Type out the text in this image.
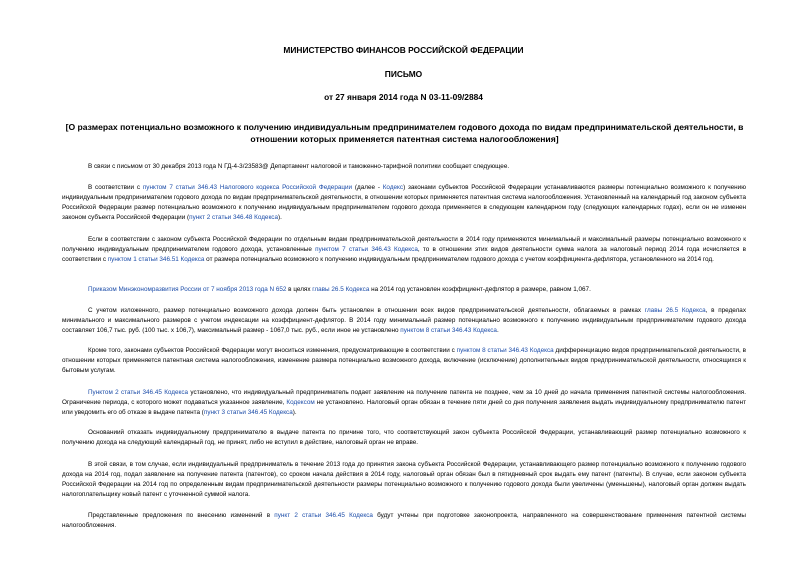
МИНИСТЕРСТВО ФИНАНСОВ РОССИЙСКОЙ ФЕДЕРАЦИИ
ПИСЬМО
от 27 января 2014 года N 03-11-09/2884
[О размерах потенциально возможного к получению индивидуальным предпринимателем годового дохода по видам предпринимательской деятельности, в отношении которых применяется патентная система налогообложения]
В связи с письмом от 30 декабря 2013 года N ГД-4-3/23583@ Департамент налоговой и таможенно-тарифной политики сообщает следующее.
В соответствии с пунктом 7 статьи 346.43 Налогового кодекса Российской Федерации (далее - Кодекс) законами субъектов Российской Федерации устанавливаются размеры потенциально возможного к получению индивидуальным предпринимателем годового дохода по видам предпринимательской деятельности, в отношении которых применяется патентная система налогообложения. Установленный на календарный год законом субъекта Российской Федерации размер потенциально возможного к получению индивидуальным предпринимателем годового дохода применяется в следующем календарном году (следующих календарных годах), если он не изменен законом субъекта Российской Федерации (пункт 2 статьи 346.48 Кодекса).
Если в соответствии с законом субъекта Российской Федерации по отдельным видам предпринимательской деятельности в 2014 году применяются минимальный и максимальный размеры потенциально возможного к получению индивидуальным предпринимателем годового дохода, установленные пунктом 7 статьи 346.43 Кодекса, то в отношении этих видов деятельности сумма налога за налоговый период 2014 года исчисляется в соответствии с пунктом 1 статьи 346.51 Кодекса от размера потенциально возможного к получению индивидуальным предпринимателем годового дохода с учетом коэффициента-дефлятора, установленного на 2014 год.
Приказом Минэкономразвития России от 7 ноября 2013 года N 652 в целях главы 26.5 Кодекса на 2014 год установлен коэффициент-дефлятор в размере, равном 1,067.
С учетом изложенного, размер потенциально возможного дохода должен быть установлен в отношении всех видов предпринимательской деятельности, облагаемых в рамках главы 26.5 Кодекса, в пределах минимального и максимального размеров с учетом индексации на коэффициент-дефлятор. В 2014 году минимальный размер потенциально возможного к получению индивидуальным предпринимателем годового дохода составляет 106,7 тыс. руб. (100 тыс. х 106,7), максимальный размер - 1067,0 тыс. руб., если иное не установлено пунктом 8 статьи 346.43 Кодекса.
Кроме того, законами субъектов Российской Федерации могут вноситься изменения, предусматривающие в соответствии с пунктом 8 статьи 346.43 Кодекса дифференциацию видов предпринимательской деятельности, в отношении которых применяется патентная система налогообложения, изменение размера потенциально возможного дохода, включение (исключение) дополнительных видов предпринимательской деятельности, относящихся к бытовым услугам.
Пунктом 2 статьи 346.45 Кодекса установлено, что индивидуальный предприниматель подает заявление на получение патента не позднее, чем за 10 дней до начала применения патентной системы налогообложения. Ограничение периода, с которого может подаваться указанное заявление, Кодексом не установлено. Налоговый орган обязан в течение пяти дней со дня получения заявления выдать индивидуальному предпринимателю патент или уведомить его об отказе в выдаче патента (пункт 3 статьи 346.45 Кодекса).
Основаниий отказать индивидуальному предпринимателю в выдаче патента по причине того, что соответствующий закон субъекта Российской Федерации, устанавливающий размер потенциально возможного к получению дохода на следующий календарный год, не принят, либо не вступил в действие, налоговый орган не вправе.
В этой связи, в том случае, если индивидуальный предприниматель в течение 2013 года до принятия закона субъекта Российской Федерации, устанавливающего размер потенциально возможного к получению годового дохода на 2014 год, подал заявление на получение патента (патентов), со сроком начала действия в 2014 году, налоговый орган обязан был в пятидневный срок выдать ему патент (патенты). В случае, если законом субъекта Российской Федерации на 2014 год по определенным видам предпринимательской деятельности размеры потенциально возможного к получению годового дохода были увеличены (уменьшены), налоговый орган должен выдать налогоплательщику новый патент с уточненной суммой налога.
Представленные предложения по внесению изменений в пункт 2 статьи 346.45 Кодекса будут учтены при подготовке законопроекта, направленного на совершенствование применения патентной системы налогообложения.
